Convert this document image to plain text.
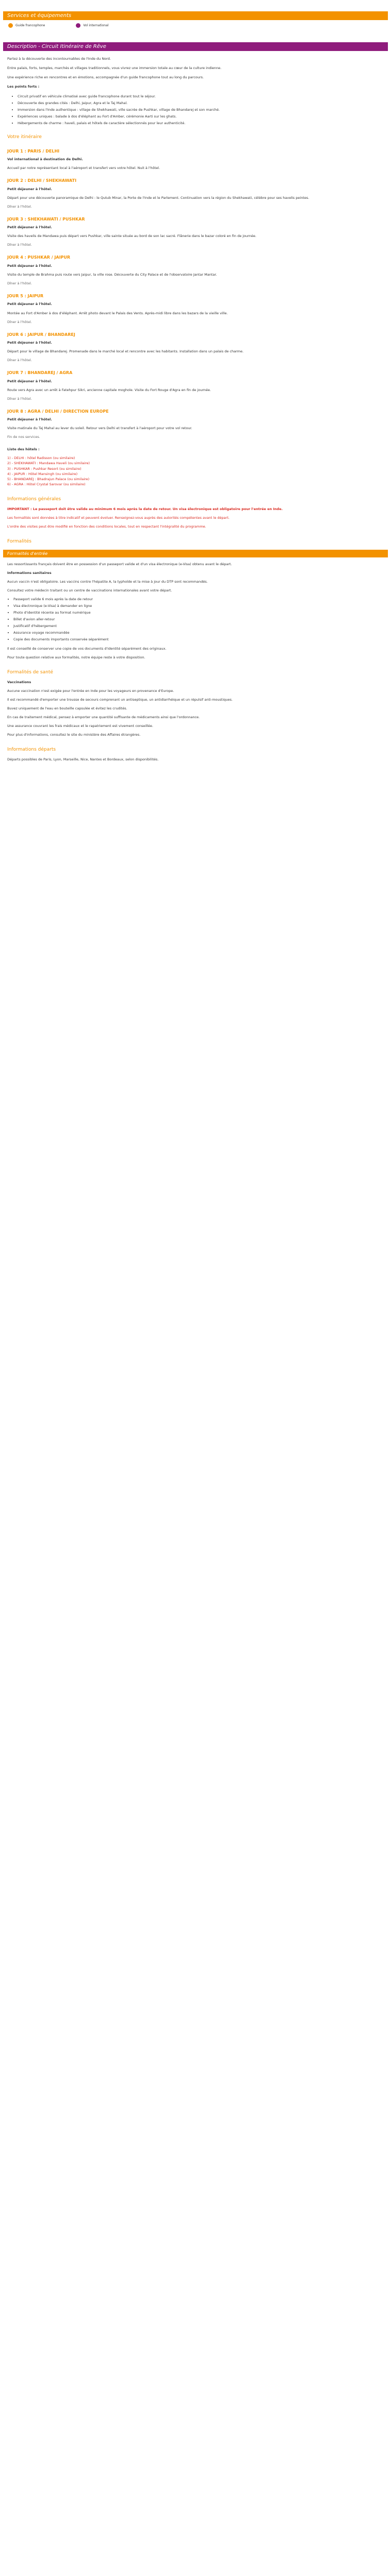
Services et équipements
Guide francophone	Vol international
Description - Circuit Itinéraire de Rêve

Partez à la découverte des incontournables de l'Inde du Nord.

Entre palais, forts, temples, marchés et villages traditionnels, vous vivrez une immersion totale au cœur de la culture indienne.

Une expérience riche en rencontres et en émotions, accompagnée d'un guide francophone tout au long du parcours.

Les points forts :

• Circuit privatif en véhicule climatisé avec guide francophone durant tout le séjour.
• Découverte des grandes cités : Delhi, Jaipur, Agra et le Taj Mahal.
• Immersion dans l'Inde authentique : village de Shekhawati, ville sacrée de Pushkar, village de Bhandarej et son marché.
• Expériences uniques : balade à dos d'éléphant au Fort d'Amber, cérémonie Aarti sur les ghats.
• Hébergements de charme : haveli, palais et hôtels de caractère sélectionnés pour leur authenticité.
Votre itinéraire
JOUR 1 : PARIS / DELHI
Vol international à destination de Delhi.
Accueil par notre représentant local à l'aéroport et transfert vers votre hôtel. Nuit à l'hôtel.
JOUR 2 : DELHI / SHEKHAWATI
Petit déjeuner à l'hôtel.
Départ pour une découverte panoramique de Delhi : le Qutub Minar, la Porte de l'Inde et le Parlement. Continuation vers la région du Shekhawati, célèbre pour ses havelis peintes.
Dîner à l'hôtel.
JOUR 3 : SHEKHAWATI / PUSHKAR
Petit déjeuner à l'hôtel.
Visite des havelis de Mandawa puis départ vers Pushkar, ville sainte située au bord de son lac sacré. Flânerie dans le bazar coloré en fin de journée.
Dîner à l'hôtel.
JOUR 4 : PUSHKAR / JAIPUR
Petit déjeuner à l'hôtel.
Visite du temple de Brahma puis route vers Jaipur, la ville rose. Découverte du City Palace et de l'observatoire Jantar Mantar.
Dîner à l'hôtel.
JOUR 5 : JAIPUR
Petit déjeuner à l'hôtel.
Montée au Fort d'Amber à dos d'éléphant. Arrêt photo devant le Palais des Vents. Après-midi libre dans les bazars de la vieille ville.
Dîner à l'hôtel.
JOUR 6 : JAIPUR / BHANDAREJ
Petit déjeuner à l'hôtel.
Départ pour le village de Bhandarej. Promenade dans le marché local et rencontre avec les habitants. Installation dans un palais de charme.
Dîner à l'hôtel.
JOUR 7 : BHANDAREJ / AGRA
Petit déjeuner à l'hôtel.
Route vers Agra avec un arrêt à Fatehpur Sikri, ancienne capitale moghole. Visite du Fort Rouge d'Agra en fin de journée.
Dîner à l'hôtel.
JOUR 8 : AGRA / DELHI / DIRECTION EUROPE
Petit déjeuner à l'hôtel.
Visite matinale du Taj Mahal au lever du soleil. Retour vers Delhi et transfert à l'aéroport pour votre vol retour.
Fin de nos services.
Liste des hôtels :
1) - DELHI : hôtel Radisson (ou similaire)
2) - SHEKHAWATI : Mandawa Haveli (ou similaire)
3) - PUSHKAR : Pushkar Resort (ou similaire)
4) - JAIPUR : Hôtel Mansingh (ou similaire)
5) - BHANDAREJ : Bhadrajun Palace (ou similaire)
6) - AGRA : Hôtel Crystal Sarovar (ou similaire)
Informations générales
IMPORTANT : Le passeport doit être valide au minimum 6 mois après la date de retour. Un visa électronique est obligatoire pour l'entrée en Inde.
Les formalités sont données à titre indicatif et peuvent évoluer. Renseignez-vous auprès des autorités compétentes avant le départ.
L'ordre des visites peut être modifié en fonction des conditions locales, tout en respectant l'intégralité du programme.
Formalités
Formalités d'entrée
Les ressortissants français doivent être en possession d'un passeport valide et d'un visa électronique (e-Visa) obtenu avant le départ.
Informations sanitaires
Aucun vaccin n'est obligatoire. Les vaccins contre l'hépatite A, la typhoïde et la mise à jour du DTP sont recommandés.
Consultez votre médecin traitant ou un centre de vaccinations internationales avant votre départ.
• Passeport valide 6 mois après la date de retour
• Visa électronique (e-Visa) à demander en ligne
• Photo d'identité récente au format numérique
• Billet d'avion aller-retour
• Justificatif d'hébergement
• Assurance voyage recommandée
• Copie des documents importants conservée séparément
Il est conseillé de conserver une copie de vos documents d'identité séparément des originaux.
Pour toute question relative aux formalités, notre équipe reste à votre disposition.
Formalités de santé
Vaccinations
Aucune vaccination n'est exigée pour l'entrée en Inde pour les voyageurs en provenance d'Europe.
Il est recommandé d'emporter une trousse de secours comprenant un antiseptique, un antidiarrhéique et un répulsif anti-moustiques.
Buvez uniquement de l'eau en bouteille capsulée et évitez les crudités.
En cas de traitement médical, pensez à emporter une quantité suffisante de médicaments ainsi que l'ordonnance.
Une assurance couvrant les frais médicaux et le rapatriement est vivement conseillée.
Pour plus d'informations, consultez le site du ministère des Affaires étrangères.
Informations départs
Départs possibles de Paris, Lyon, Marseille, Nice, Nantes et Bordeaux, selon disponibilités.
